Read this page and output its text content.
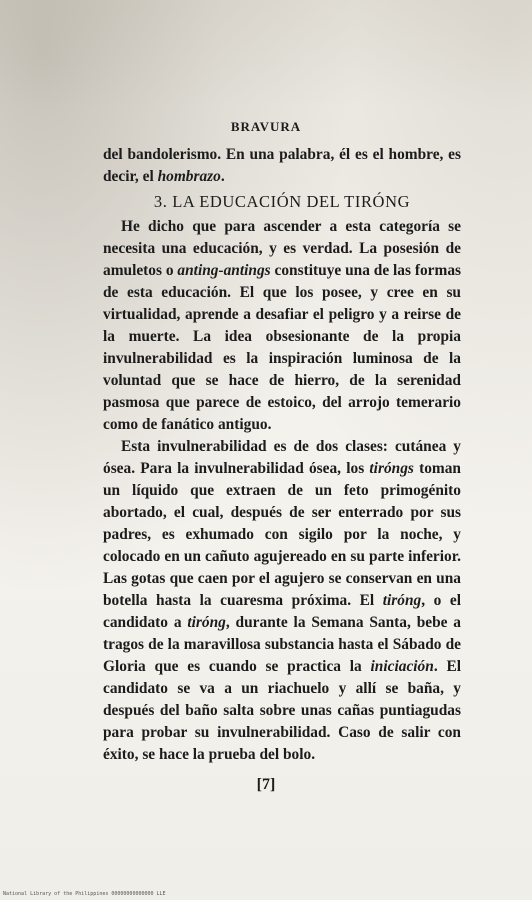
BRAVURA

del bandolerismo. En una palabra, él es el hombre, es decir, el hombrazo.

3. LA EDUCACIÓN DEL TIRÓNG

He dicho que para ascender a esta categoría se necesita una educación, y es verdad. La posesión de amuletos o anting-antings constituye una de las formas de esta educación. El que los posee, y cree en su virtualidad, aprende a desafiar el peligro y a reirse de la muerte. La idea obsesionante de la propia invulnerabilidad es la inspiración luminosa de la voluntad que se hace de hierro, de la serenidad pasmosa que parece de estoico, del arrojo temerario como de fanático antiguo.

Esta invulnerabilidad es de dos clases: cutánea y ósea. Para la invulnerabilidad ósea, los tiróngs toman un líquido que extraen de un feto primogénito abortado, el cual, después de ser enterrado por sus padres, es exhumado con sigilo por la noche, y colocado en un cañuto agujereado en su parte inferior. Las gotas que caen por el agujero se conservan en una botella hasta la cuaresma próxima. El tiróng, o el candidato a tiróng, durante la Semana Santa, bebe a tragos de la maravillosa substancia hasta el Sábado de Gloria que es cuando se practica la iniciación. El candidato se va a un riachuelo y allí se baña, y después del baño salta sobre unas cañas puntiagudas para probar su invulnerabilidad. Caso de salir con éxito, se hace la prueba del bolo.

[7]
National Library of the Philippines 00000000000000 LLE
